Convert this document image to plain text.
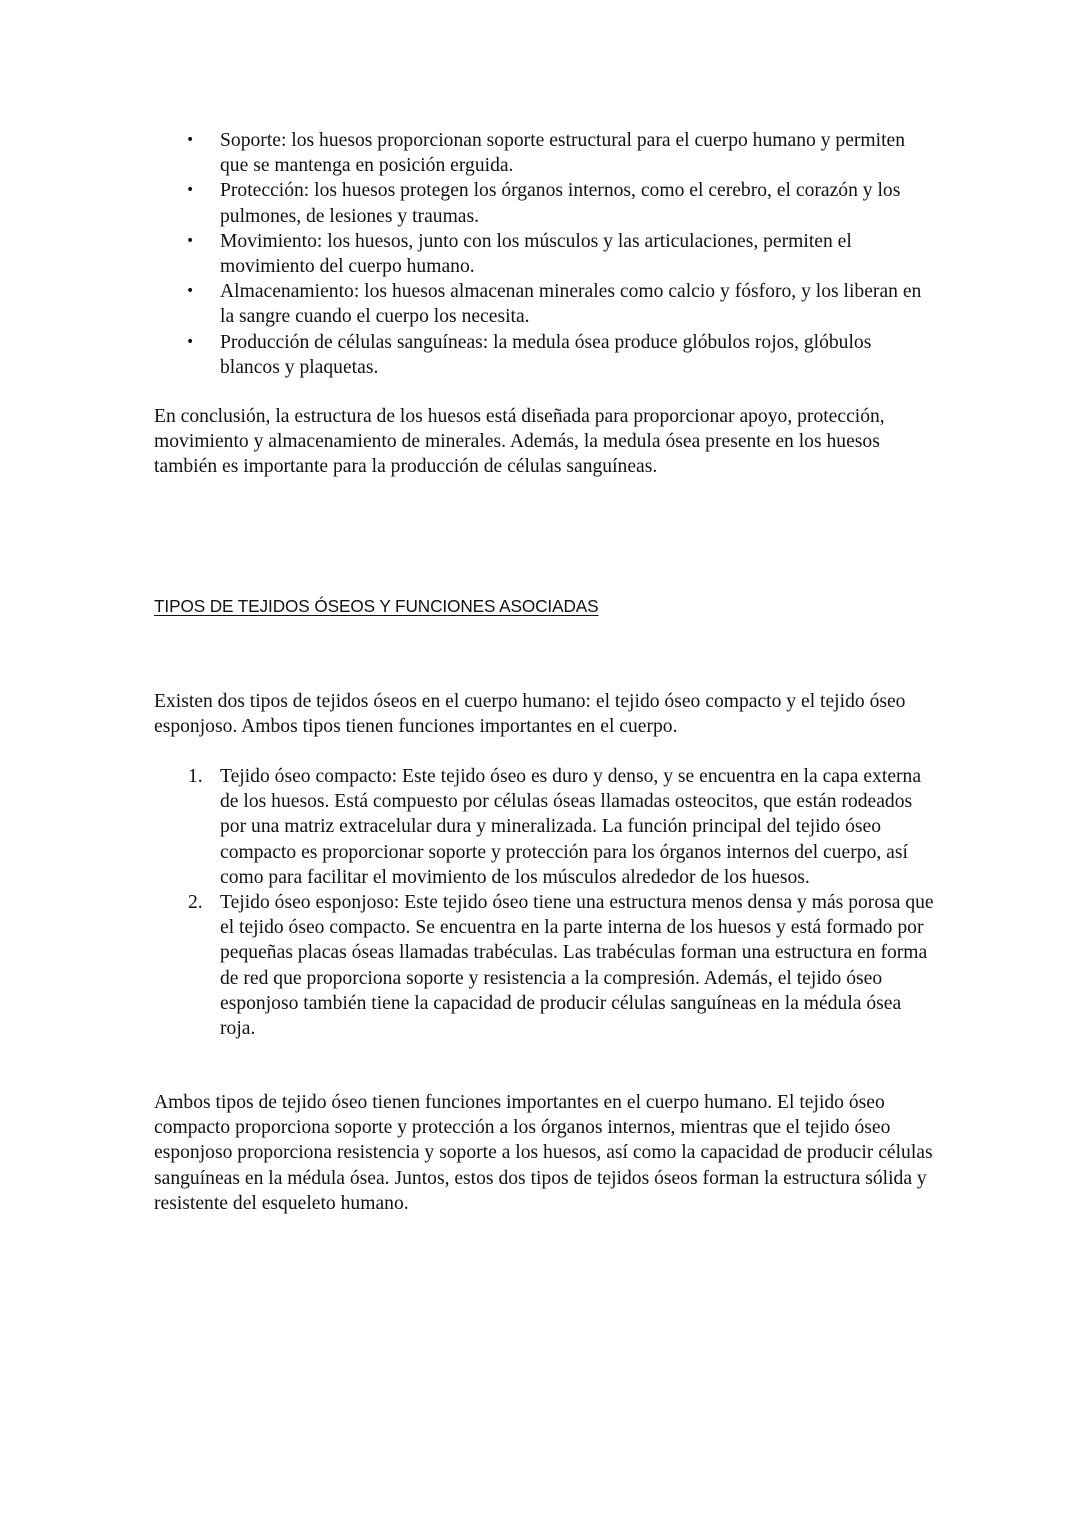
• Soporte: los huesos proporcionan soporte estructural para el cuerpo humano y permiten que se mantenga en posición erguida.
• Protección: los huesos protegen los órganos internos, como el cerebro, el corazón y los pulmones, de lesiones y traumas.
• Movimiento: los huesos, junto con los músculos y las articulaciones, permiten el movimiento del cuerpo humano.
• Almacenamiento: los huesos almacenan minerales como calcio y fósforo, y los liberan en la sangre cuando el cuerpo los necesita.
• Producción de células sanguíneas: la medula ósea produce glóbulos rojos, glóbulos blancos y plaquetas.

En conclusión, la estructura de los huesos está diseñada para proporcionar apoyo, protección, movimiento y almacenamiento de minerales. Además, la medula ósea presente en los huesos también es importante para la producción de células sanguíneas.

TIPOS DE TEJIDOS ÓSEOS Y FUNCIONES ASOCIADAS

Existen dos tipos de tejidos óseos en el cuerpo humano: el tejido óseo compacto y el tejido óseo esponjoso. Ambos tipos tienen funciones importantes en el cuerpo.

1. Tejido óseo compacto: Este tejido óseo es duro y denso, y se encuentra en la capa externa de los huesos. Está compuesto por células óseas llamadas osteocitos, que están rodeados por una matriz extracelular dura y mineralizada. La función principal del tejido óseo compacto es proporcionar soporte y protección para los órganos internos del cuerpo, así como para facilitar el movimiento de los músculos alrededor de los huesos.
2. Tejido óseo esponjoso: Este tejido óseo tiene una estructura menos densa y más porosa que el tejido óseo compacto. Se encuentra en la parte interna de los huesos y está formado por pequeñas placas óseas llamadas trabéculas. Las trabéculas forman una estructura en forma de red que proporciona soporte y resistencia a la compresión. Además, el tejido óseo esponjoso también tiene la capacidad de producir células sanguíneas en la médula ósea roja.

Ambos tipos de tejido óseo tienen funciones importantes en el cuerpo humano. El tejido óseo compacto proporciona soporte y protección a los órganos internos, mientras que el tejido óseo esponjoso proporciona resistencia y soporte a los huesos, así como la capacidad de producir células sanguíneas en la médula ósea. Juntos, estos dos tipos de tejidos óseos forman la estructura sólida y resistente del esqueleto humano.
